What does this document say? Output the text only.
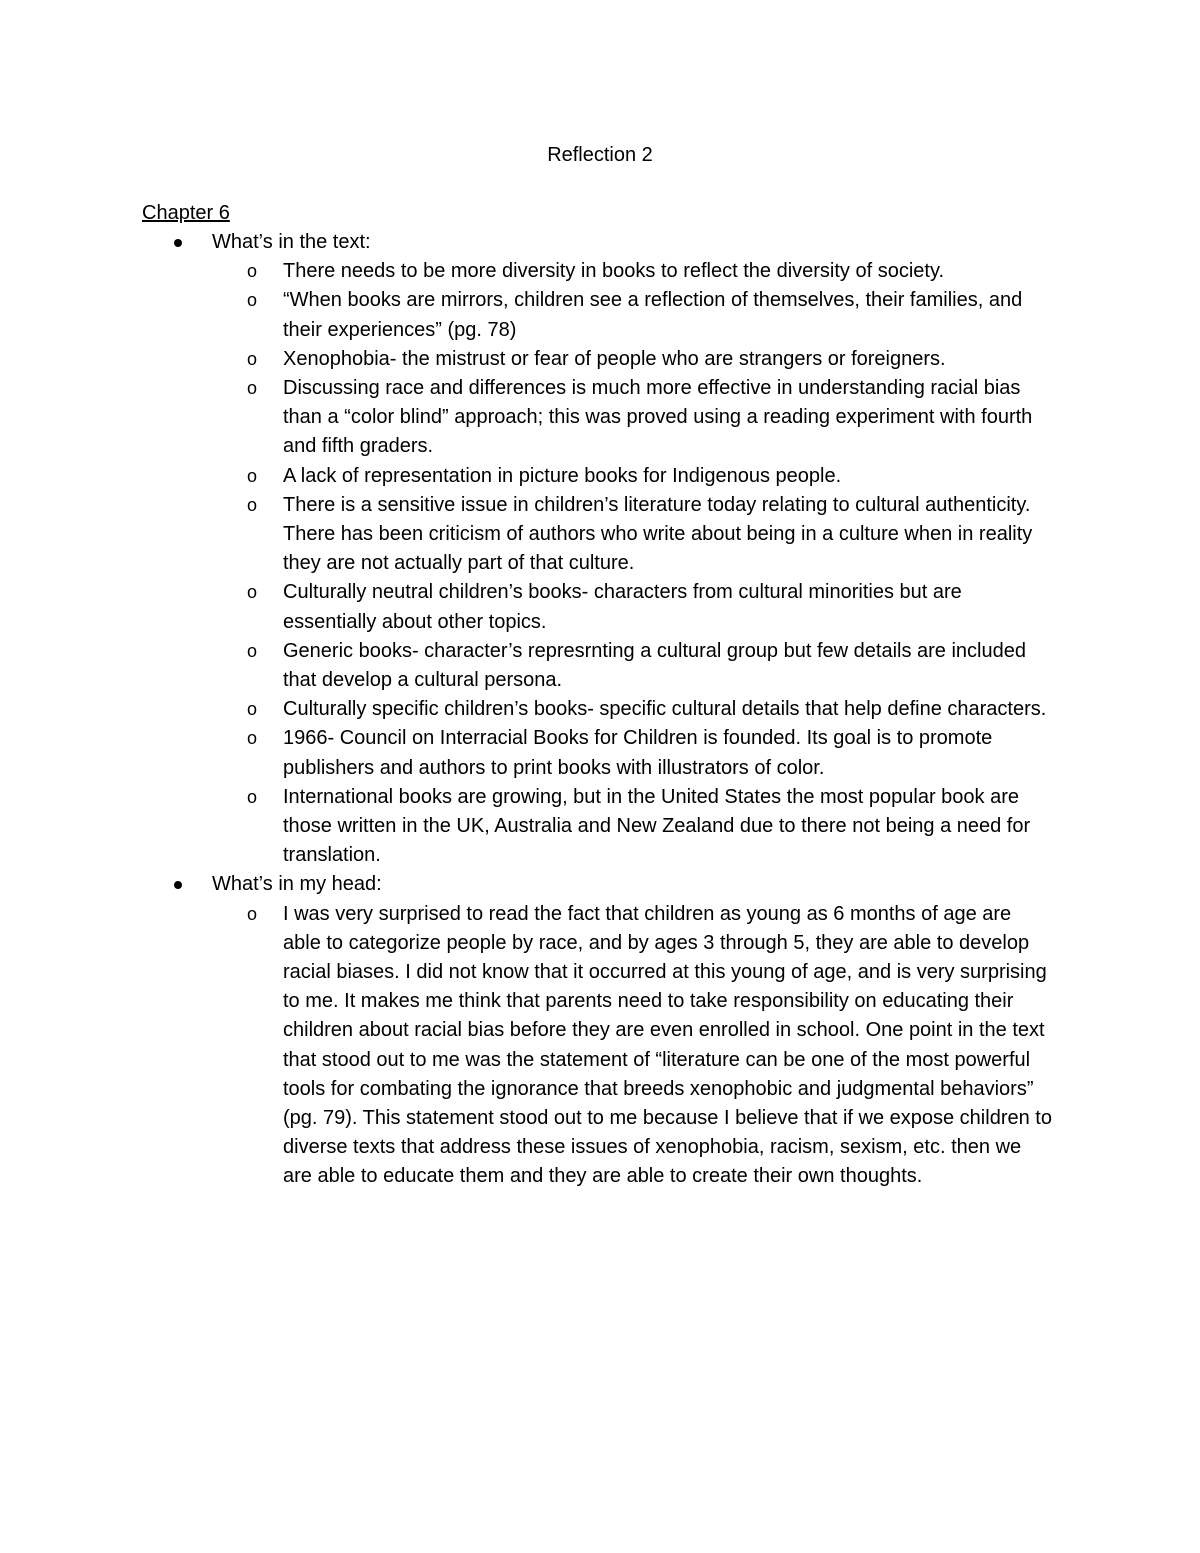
Reflection 2
Chapter 6
What’s in the text:
o There needs to be more diversity in books to reflect the diversity of society.
o “When books are mirrors, children see a reflection of themselves, their families, and their experiences” (pg. 78)
o Xenophobia- the mistrust or fear of people who are strangers or foreigners.
o Discussing race and differences is much more effective in understanding racial bias than a “color blind” approach; this was proved using a reading experiment with fourth and fifth graders.
o A lack of representation in picture books for Indigenous people.
o There is a sensitive issue in children’s literature today relating to cultural authenticity. There has been criticism of authors who write about being in a culture when in reality they are not actually part of that culture.
o Culturally neutral children’s books- characters from cultural minorities but are essentially about other topics.
o Generic books- character’s represrnting a cultural group but few details are included that develop a cultural persona.
o Culturally specific children’s books- specific cultural details that help define characters.
o 1966- Council on Interracial Books for Children is founded. Its goal is to promote publishers and authors to print books with illustrators of color.
o International books are growing, but in the United States the most popular book are those written in the UK, Australia and New Zealand due to there not being a need for translation.
What’s in my head:
o I was very surprised to read the fact that children as young as 6 months of age are able to categorize people by race, and by ages 3 through 5, they are able to develop racial biases. I did not know that it occurred at this young of age, and is very surprising to me. It makes me think that parents need to take responsibility on educating their children about racial bias before they are even enrolled in school. One point in the text that stood out to me was the statement of “literature can be one of the most powerful tools for combating the ignorance that breeds xenophobic and judgmental behaviors” (pg. 79). This statement stood out to me because I believe that if we expose children to diverse texts that address these issues of xenophobia, racism, sexism, etc. then we are able to educate them and they are able to create their own thoughts.
